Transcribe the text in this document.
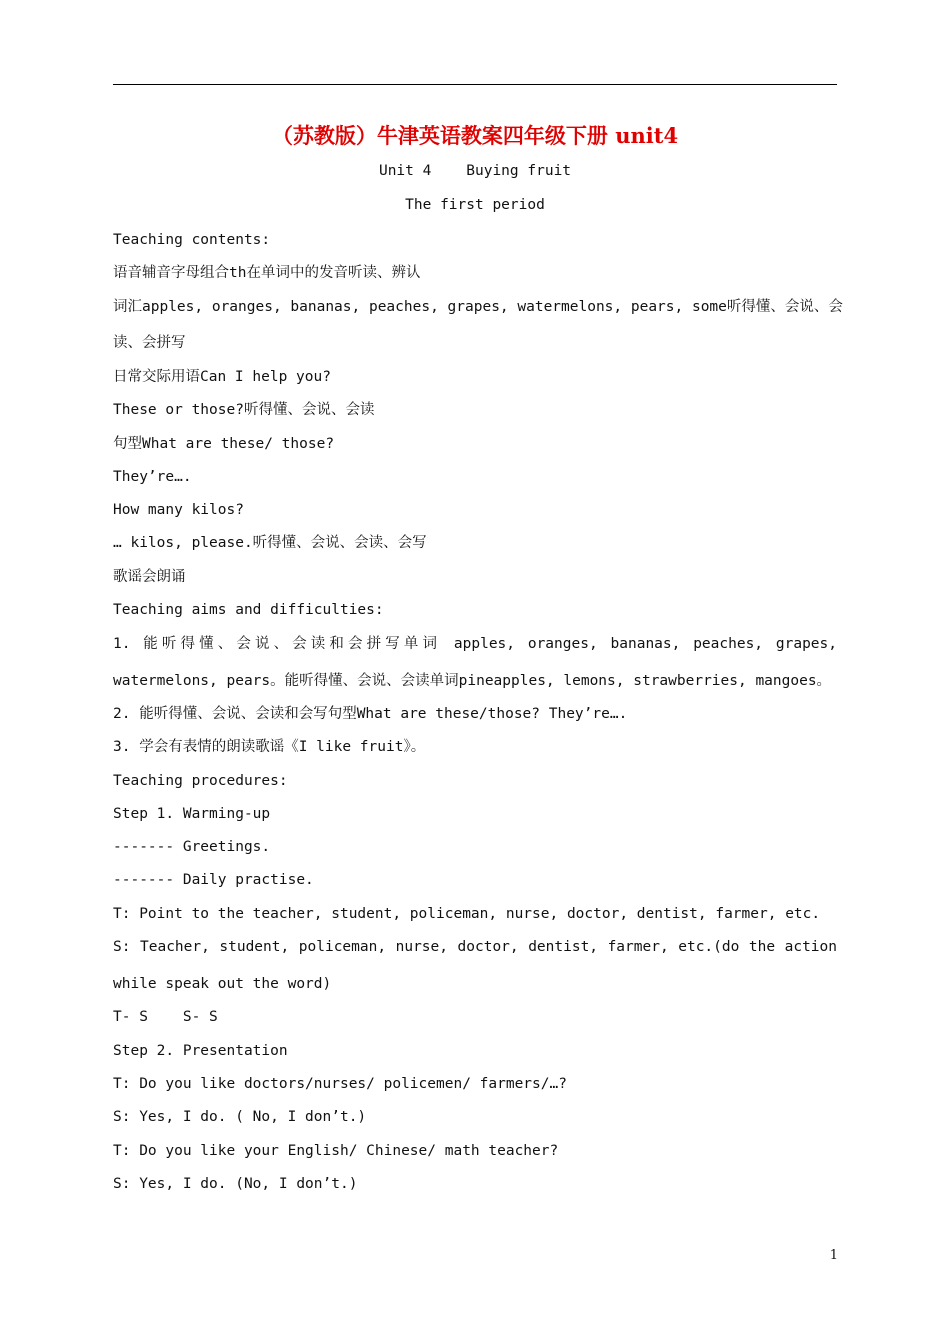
（苏教版）牛津英语教案四年级下册 unit4
Unit 4    Buying fruit
The first period
Teaching contents:
语音辅音字母组合th在单词中的发音听读、辨认
词汇apples, oranges, bananas, peaches, grapes, watermelons, pears, some听得懂、会说、会
读、会拼写
日常交际用语Can I help you?
These or those?听得懂、会说、会读
句型What are these/ those?
They’re….
How many kilos?
… kilos, please.听得懂、会说、会读、会写
歌谣会朗诵
Teaching aims and difficulties:
1. 能听得懂、会说、会读和会拼写单词 apples, oranges, bananas, peaches, grapes,
watermelons, pears。能听得懂、会说、会读单词pineapples, lemons, strawberries, mangoes。
2. 能听得懂、会说、会读和会写句型What are these/those? They’re….
3. 学会有表情的朗读歌谣《I like fruit》。
Teaching procedures:
Step 1. Warming-up
------- Greetings.
------- Daily practise.
T: Point to the teacher, student, policeman, nurse, doctor, dentist, farmer, etc.
S: Teacher, student, policeman, nurse, doctor, dentist, farmer, etc.(do the action
while speak out the word)
T- S    S- S
Step 2. Presentation
T: Do you like doctors/nurses/ policemen/ farmers/…?
S: Yes, I do. ( No, I don’t.)
T: Do you like your English/ Chinese/ math teacher?
S: Yes, I do. (No, I don’t.)
1
